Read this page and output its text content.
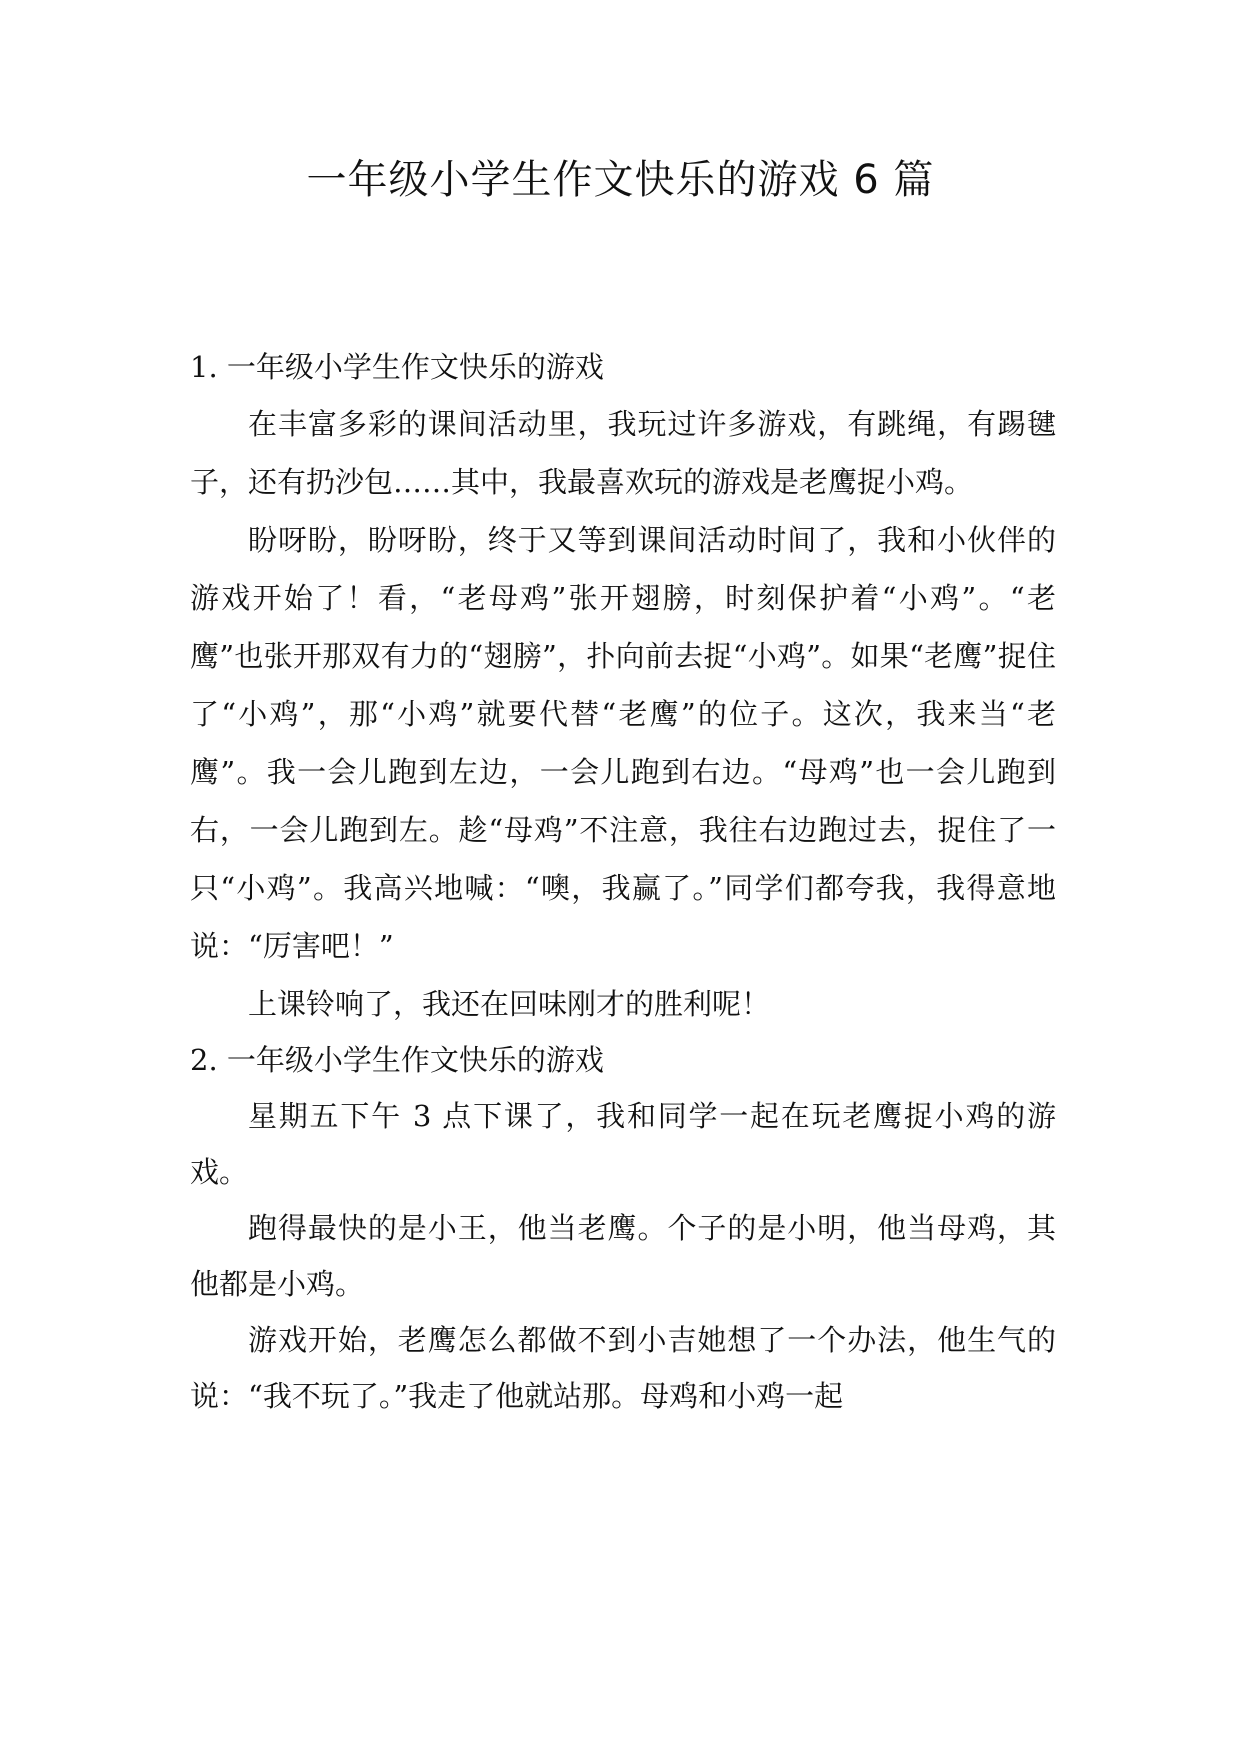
一年级小学生作文快乐的游戏 6 篇
1. 一年级小学生作文快乐的游戏

在丰富多彩的课间活动里，我玩过许多游戏，有跳绳，有踢毽子，还有扔沙包……其中，我最喜欢玩的游戏是老鹰捉小鸡。

盼呀盼，盼呀盼，终于又等到课间活动时间了，我和小伙伴的游戏开始了！看，“老母鸡”张开翅膀，时刻保护着“小鸡”。“老鹰”也张开那双有力的“翅膀”，扑向前去捉“小鸡”。如果“老鹰”捉住了“小鸡”，那“小鸡”就要代替“老鹰”的位子。这次，我来当“老鹰”。我一会儿跑到左边，一会儿跑到右边。“母鸡”也一会儿跑到右，一会儿跑到左。趁“母鸡”不注意，我往右边跑过去，捉住了一只“小鸡”。我高兴地喊：“噢，我赢了。”同学们都夸我，我得意地说：“厉害吧！”

上课铃响了，我还在回味刚才的胜利呢！

2. 一年级小学生作文快乐的游戏

星期五下午 3 点下课了，我和同学一起在玩老鹰捉小鸡的游戏。

跑得最快的是小王，他当老鹰。个子的是小明，他当母鸡，其他都是小鸡。

游戏开始，老鹰怎么都做不到小吉她想了一个办法，他生气的说：“我不玩了。”我走了他就站那。母鸡和小鸡一起
